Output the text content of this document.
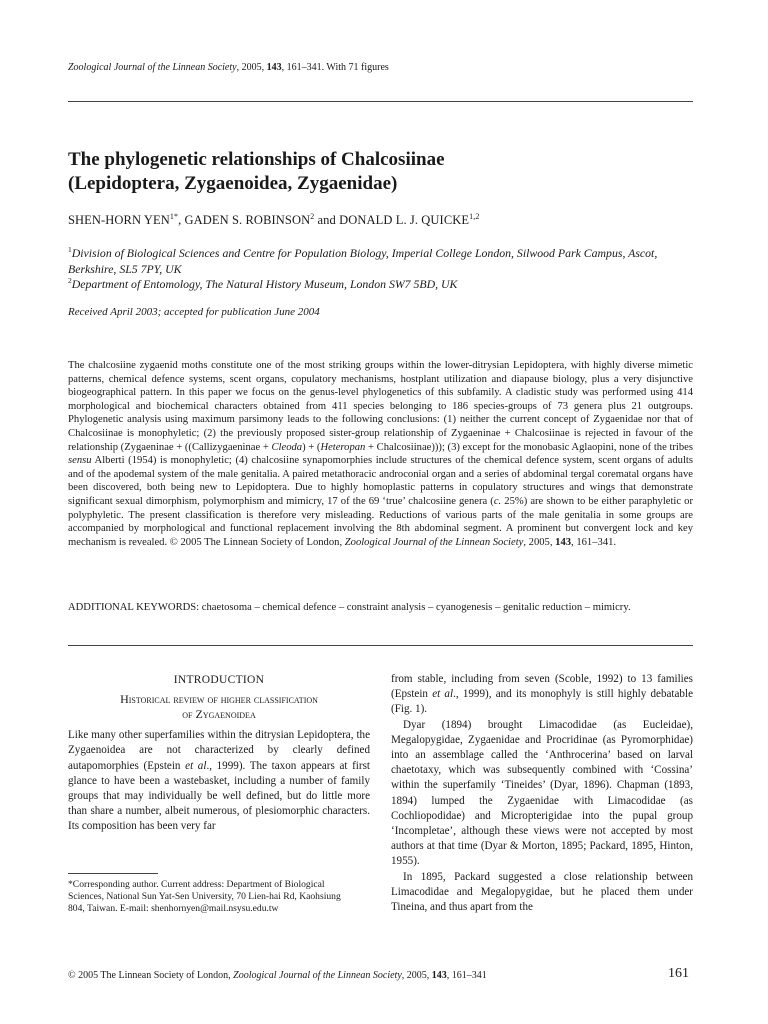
Zoological Journal of the Linnean Society, 2005, 143, 161–341. With 71 figures
The phylogenetic relationships of Chalcosiinae
(Lepidoptera, Zygaenoidea, Zygaenidae)
SHEN-HORN $YEN^{1*}$, GADEN S. ROBINSON$^2$ and DONALD L. J. QUICKE$^{1,2}$
$^1$Division of Biological Sciences and Centre for Population Biology, Imperial College London, Silwood Park Campus, Ascot, Berkshire, SL5 7PY, UK
$^2$Department of Entomology, The Natural History Museum, London SW7 5BD, UK
Received April 2003; accepted for publication June 2004

The chalcosiine zygaenid moths constitute one of the most striking groups within the lower-ditrysian Lepidoptera, with highly diverse mimetic patterns, chemical defence systems, scent organs, copulatory mechanisms, hostplant utilization and diapause biology, plus a very disjunctive biogeographical pattern. In this paper we focus on the genus-level phylogenetics of this subfamily. A cladistic study was performed using 414 morphological and biochemical characters obtained from 411 species belonging to 186 species-groups of 73 genera plus 21 outgroups. Phylogenetic analysis using maximum parsimony leads to the following conclusions: (1) neither the current concept of Zygaenidae nor that of Chalcosiinae is monophyletic; (2) the previously proposed sister-group relationship of Zygaeninae + Chalcosiinae is rejected in favour of the relationship (Zygaeninae + ((Callizygaeninae + Cleoda) + (Heteropan + Chalcosiinae))); (3) except for the monobasic Aglaopini, none of the tribes sensu Alberti (1954) is monophyletic; (4) chalcosiine synapomorphies include structures of the chemical defence system, scent organs of adults and of the apodemal system of the male genitalia. A paired metathoracic androconial organ and a series of abdominal tergal corematal organs have been discovered, both being new to Lepidoptera. Due to highly homoplastic patterns in copulatory structures and wings that demonstrate significant sexual dimorphism, polymorphism and mimicry, 17 of the 69 ‘true’ chalcosiine genera (c. 25%) are shown to be either paraphyletic or polyphyletic. The present classification is therefore very misleading. Reductions of various parts of the male genitalia in some groups are accompanied by morphological and functional replacement involving the 8th abdominal segment. A prominent but convergent lock and key mechanism is revealed. © 2005 The Linnean Society of London, Zoological Journal of the Linnean Society, 2005, 143, 161–341.

ADDITIONAL KEYWORDS: chaetosoma – chemical defence – constraint analysis – cyanogenesis – genitalic reduction – mimicry.
INTRODUCTION
Historical review of higher classification
of Zygaenoidea

Like many other superfamilies within the ditrysian Lepidoptera, the Zygaenoidea are not characterized by clearly defined autapomorphies (Epstein et al., 1999). The taxon appears at first glance to have been a wastebasket, including a number of family groups that may individually be well defined, but do little more than share a number, albeit numerous, of plesiomorphic characters. Its composition has been very far

from stable, including from seven (Scoble, 1992) to 13 families (Epstein et al., 1999), and its monophyly is still highly debatable (Fig. 1).

Dyar (1894) brought Limacodidae (as Eucleidae), Megalopygidae, Zygaenidae and Procridinae (as Pyromorphidae) into an assemblage called the ‘Anthrocerina’ based on larval chaetotaxy, which was subsequently combined with ‘Cossina’ within the superfamily ‘Tineides’ (Dyar, 1896). Chapman (1893, 1894) lumped the Zygaenidae with Limacodidae (as Cochliopodidae) and Micropterigidae into the pupal group ‘Incompletae’, although these views were not accepted by most authors at that time (Dyar & Morton, 1895; Packard, 1895, Hinton, 1955).

In 1895, Packard suggested a close relationship between Limacodidae and Megalopygidae, but he placed them under Tineina, and thus apart from the

*Corresponding author. Current address: Department of Biological Sciences, National Sun Yat-Sen University, 70 Lien-hai Rd, Kaohsiung 804, Taiwan. E-mail: shenhornyen@mail.nsysu.edu.tw
© 2005 The Linnean Society of London, Zoological Journal of the Linnean Society, 2005, 143, 161–341	161
